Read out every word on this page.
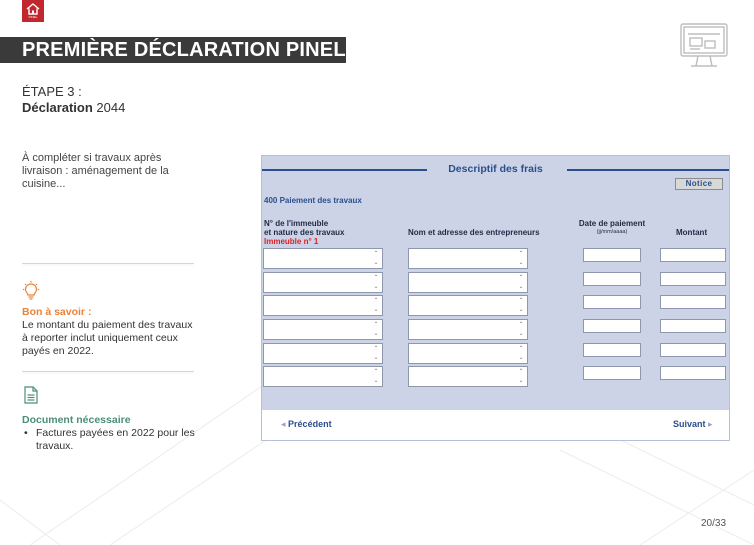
PINEL
PREMIÈRE DÉCLARATION PINEL
ÉTAPE 3 :
Déclaration 2044
À compléter si travaux après livraison : aménagement de la cuisine...
Bon à savoir :
Le montant du paiement des travaux à reporter inclut uniquement ceux payés en 2022.
Document nécessaire
• Factures payées en 2022 pour les travaux.
Descriptif des frais
Notice
400 Paiement des travaux
N° de l'immeuble
et nature des travaux
Immeuble n° 1
Nom et adresse des entrepreneurs
Date de paiement
(jj/mm/aaaa)	Montant
⌃
⌄
⌃
⌄
⌃
⌄
⌃
⌄
⌃
⌄
⌃
⌄
⌃
⌄
⌃
⌄
⌃
⌄
⌃
⌄
⌃
⌄
⌃
⌄
◂ Précédent	Suivant ▸
20/33
